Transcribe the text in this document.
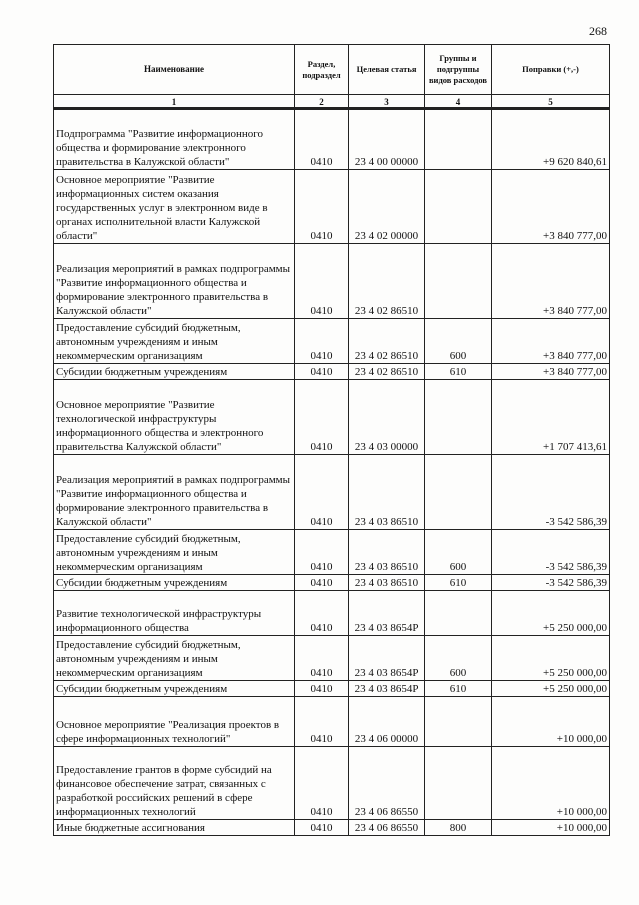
268
Наименование	Раздел, подраздел	Целевая статья	Группы и подгруппы видов расходов	Поправки (+,-)
1	2	3	4	5

Подпрограмма "Развитие информационного общества и формирование электронного правительства в Калужской области"	0410	23 4 00 00000		+9 620 840,61
Основное мероприятие "Развитие информационных систем оказания государственных услуг в электронном виде в органах исполнительной власти Калужской области"	0410	23 4 02 00000		+3 840 777,00
Реализация мероприятий в рамках подпрограммы "Развитие информационного общества и формирование электронного правительства в Калужской области"	0410	23 4 02 86510		+3 840 777,00
Предоставление субсидий бюджетным, автономным учреждениям и иным некоммерческим организациям	0410	23 4 02 86510	600	+3 840 777,00
Субсидии бюджетным учреждениям	0410	23 4 02 86510	610	+3 840 777,00
Основное мероприятие "Развитие технологической инфраструктуры информационного общества и электронного правительства Калужской области"	0410	23 4 03 00000		+1 707 413,61
Реализация мероприятий в рамках подпрограммы "Развитие информационного общества и формирование электронного правительства в Калужской области"	0410	23 4 03 86510		-3 542 586,39
Предоставление субсидий бюджетным, автономным учреждениям и иным некоммерческим организациям	0410	23 4 03 86510	600	-3 542 586,39
Субсидии бюджетным учреждениям	0410	23 4 03 86510	610	-3 542 586,39
Развитие технологической инфраструктуры информационного общества	0410	23 4 03 8654P		+5 250 000,00
Предоставление субсидий бюджетным, автономным учреждениям и иным некоммерческим организациям	0410	23 4 03 8654P	600	+5 250 000,00
Субсидии бюджетным учреждениям	0410	23 4 03 8654P	610	+5 250 000,00
Основное мероприятие "Реализация проектов в сфере информационных технологий"	0410	23 4 06 00000		+10 000,00
Предоставление грантов в форме субсидий на финансовое обеспечение затрат, связанных с разработкой российских решений в сфере информационных технологий	0410	23 4 06 86550		+10 000,00
Иные бюджетные ассигнования	0410	23 4 06 86550	800	+10 000,00
